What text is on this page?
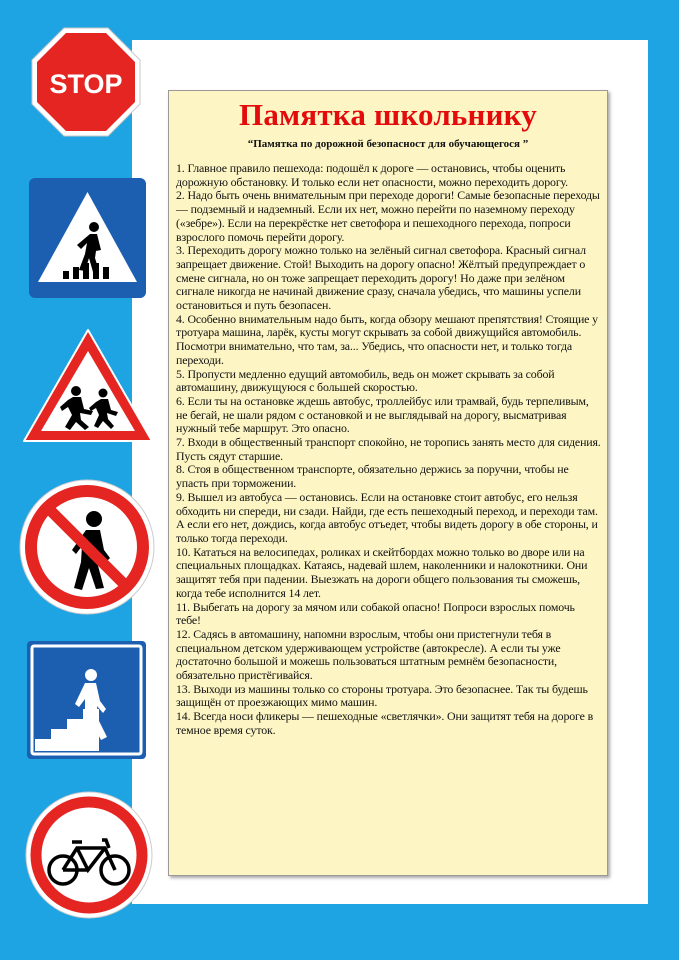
STOP
Памятка школьнику
“Памятка по дорожной безопасност для обучающегося ”
1. Главное правило пешехода: подошёл к дороге — остановись, чтобы оценить дорожную обстановку. И только если нет опасности, можно переходить дорогу.
2. Надо быть очень внимательным при переходе дороги! Самые безопасные переходы — подземный и надземный. Если их нет, можно перейти по наземному переходу («зебре»). Если на перекрёстке нет светофора и пешеходного перехода, попроси взрослого помочь перейти дорогу.
3. Переходить дорогу можно только на зелёный сигнал светофора. Красный сигнал запрещает движение. Стой! Выходить на дорогу опасно! Жёлтый предупреждает о смене сигнала, но он тоже запрещает переходить дорогу! Но даже при зелёном сигнале никогда не начинай движение сразу, сначала убедись, что машины успели остановиться и путь безопасен.
4. Особенно внимательным надо быть, когда обзору мешают препятствия! Стоящие у тротуара машина, ларёк, кусты могут скрывать за собой движущийся автомобиль. Посмотри внимательно, что там, за... Убедись, что опасности нет, и только тогда переходи.
5. Пропусти медленно едущий автомобиль, ведь он может скрывать за собой автомашину, движущуюся с большей скоростью.
6. Если ты на остановке ждешь автобус, троллейбус или трамвай, будь терпеливым, не бегай, не шали рядом с остановкой и не выглядывай на дорогу, высматривая нужный тебе маршрут. Это опасно.
7. Входи в общественный транспорт спокойно, не торопись занять место для сидения. Пусть сядут старшие.
8. Стоя в общественном транспорте, обязательно держись за поручни, чтобы не упасть при торможении.
9. Вышел из автобуса — остановись. Если на остановке стоит автобус, его нельзя обходить ни спереди, ни сзади. Найди, где есть пешеходный переход, и переходи там. А если его нет, дождись, когда автобус отъедет, чтобы видеть дорогу в обе стороны, и только тогда переходи.
10. Кататься на велосипедах, роликах и скейтбордах можно только во дворе или на специальных площадках. Катаясь, надевай шлем, наколенники и налокотники. Они защитят тебя при падении. Выезжать на дороги общего пользования ты сможешь, когда тебе исполнится 14 лет.
11. Выбегать на дорогу за мячом или собакой опасно! Попроси взрослых помочь тебе!
12. Садясь в автомашину, напомни взрослым, чтобы они пристегнули тебя в специальном детском удерживающем устройстве (автокресле). А если ты уже достаточно большой и можешь пользоваться штатным ремнём безопасности, обязательно пристёгивайся.
13. Выходи из машины только со стороны тротуара. Это безопаснее. Так ты будешь защищён от проезжающих мимо машин.
14. Всегда носи фликеры — пешеходные «светлячки». Они защитят тебя на дороге в темное время суток.
